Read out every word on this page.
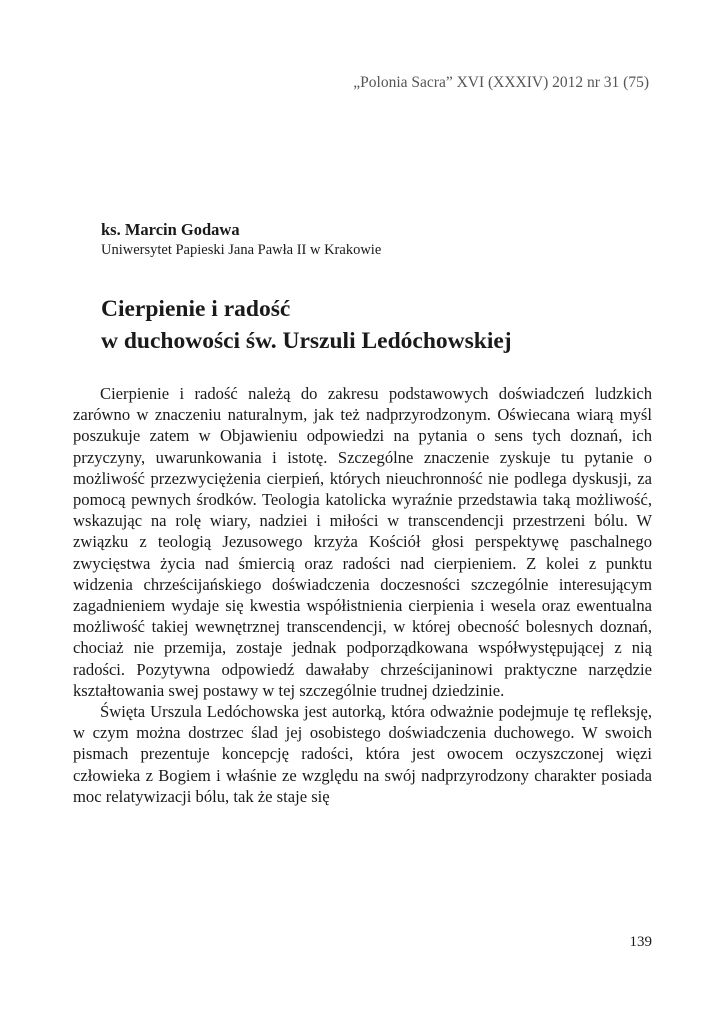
„Polonia Sacra” XVI (XXXIV) 2012 nr 31 (75)

ks. Marcin Godawa

Uniwersytet Papieski Jana Pawła II w Krakowie

Cierpienie i radość
w duchowości św. Urszuli Ledóchowskiej

Cierpienie i radość należą do zakresu podstawowych doświadczeń ludzkich zarówno w znaczeniu naturalnym, jak też nadprzyrodzonym. Oświecana wiarą myśl poszukuje zatem w Objawieniu odpowiedzi na pytania o sens tych doznań, ich przyczyny, uwarunkowania i istotę. Szczególne znaczenie zyskuje tu pytanie o możliwość przezwyciężenia cierpień, których nieuchronność nie podlega dyskusji, za pomocą pewnych środków. Teologia katolicka wyraźnie przedstawia taką możliwość, wskazując na rolę wiary, nadziei i miłości w transcendencji przestrzeni bólu. W związku z teologią Jezusowego krzyża Kościół głosi perspektywę paschalnego zwycięstwa życia nad śmiercią oraz radości nad cierpieniem. Z kolei z punktu widzenia chrześcijańskiego doświadczenia doczesności szczególnie interesującym zagadnieniem wydaje się kwestia współistnienia cierpienia i wesela oraz ewentualna możliwość takiej wewnętrznej transcendencji, w której obecność bolesnych doznań, chociaż nie przemija, zostaje jednak podporządkowana współwystępującej z nią radości. Pozytywna odpowiedź dawałaby chrześcijaninowi praktyczne narzędzie kształtowania swej postawy w tej szczególnie trudnej dziedzinie.

Święta Urszula Ledóchowska jest autorką, która odważnie podejmuje tę refleksję, w czym można dostrzec ślad jej osobistego doświadczenia duchowego. W swoich pismach prezentuje koncepcję radości, która jest owocem oczyszczonej więzi człowieka z Bogiem i właśnie ze względu na swój nadprzyrodzony charakter posiada moc relatywizacji bólu, tak że staje się

139
